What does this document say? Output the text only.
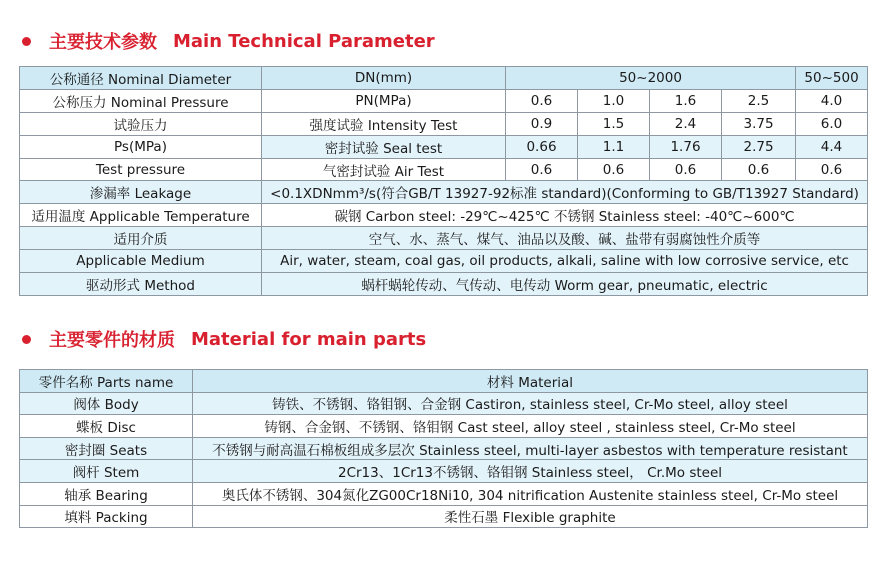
主要技术参数 Main Technical Parameter
公称通径 Nominal Diameter	DN(mm)	50~2000				50~500
公称压力 Nominal Pressure	PN(MPa)	0.6	1.0	1.6	2.5	4.0
试验压力	强度试验 Intensity Test	0.9	1.5	2.4	3.75	6.0
Ps(MPa)	密封试验 Seal test	0.66	1.1	1.76	2.75	4.4
Test pressure	气密封试验 Air Test	0.6	0.6	0.6	0.6	0.6
渗漏率 Leakage	<0.1XDNmm³/s(符合GB/T 13927-92标准 standard)(Conforming to GB/T13927 Standard)					
适用温度 Applicable Temperature	碳钢 Carbon steel: -29℃~425℃ 不锈钢 Stainless steel: -40℃~600℃					
适用介质	空气、水、蒸气、煤气、油品以及酸、碱、盐带有弱腐蚀性介质等					
Applicable Medium	Air, water, steam, coal gas, oil products, alkali, saline with low corrosive service, etc					
驱动形式 Method	蜗杆蜗轮传动、气传动、电传动 Worm gear, pneumatic, electric					
主要零件的材质 Material for main parts
零件名称 Parts name	材料 Material
阀体 Body	铸铁、不锈钢、铬钼钢、合金钢 Castiron, stainless steel, Cr-Mo steel, alloy steel
蝶板 Disc	铸钢、合金钢、不锈钢、铬钼钢 Cast steel, alloy steel , stainless steel, Cr-Mo steel
密封圈 Seats	不锈钢与耐高温石棉板组成多层次 Stainless steel, multi-layer asbestos with temperature resistant
阀杆 Stem	2Cr13、1Cr13不锈钢、铬钼钢 Stainless steel， Cr.Mo steel
轴承 Bearing	奥氏体不锈钢、304氮化ZG00Cr18Ni10, 304 nitrification Austenite stainless steel, Cr-Mo steel
填料 Packing	柔性石墨 Flexible graphite
